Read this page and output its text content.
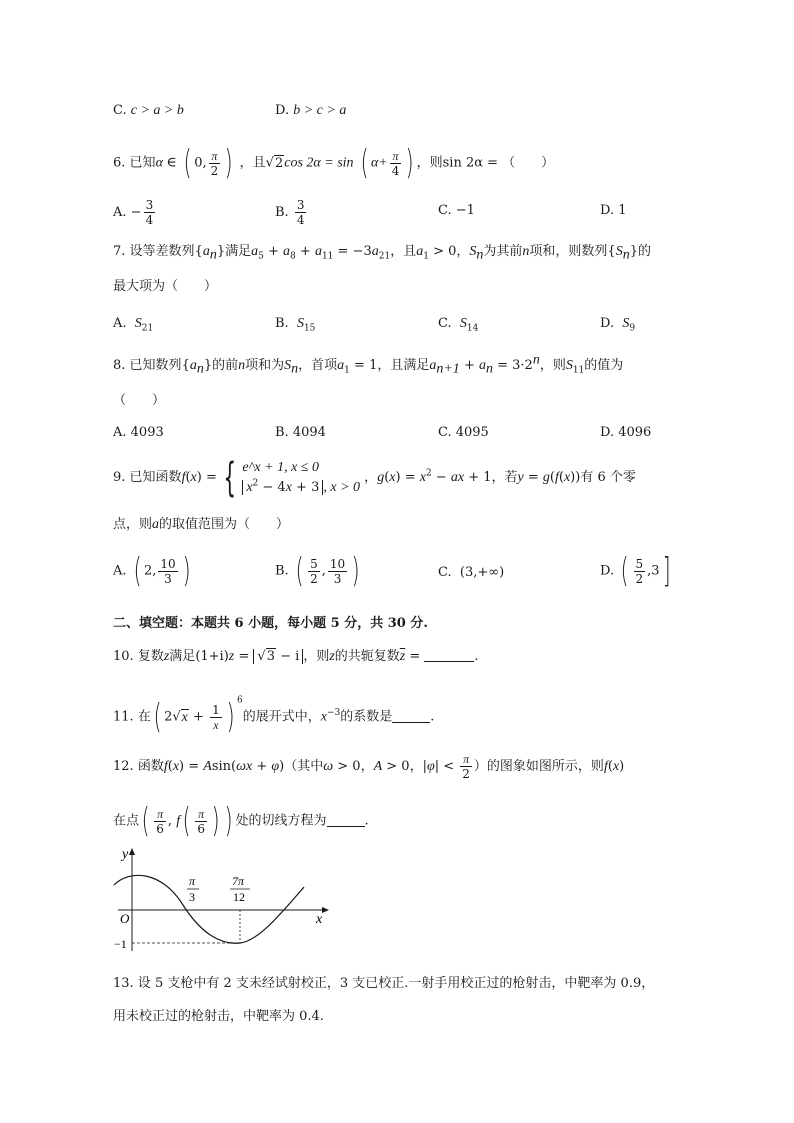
C. c > a > b	D. b > c > a
6. 已知α ∈ ( 0, $\frac{\pi}{2}$ ) ，且√2cos 2α = sin ( $\alpha+ \frac{\pi}{4}$ ) ，则sin 2α = （　　）
A. − $\frac{3}{4}$	B. $\frac{3}{4}$	C. −1	D. 1
7. 设等差数列$\{a_n\}$满足$a_5 + a_8 + a_{11} = -3a_{21}$，且$a_1 > 0$，$S_n$为其前n项和，则数列$\{S_n\}$的
最大项为（　　）
A. $S_{21}$	B. $S_{15}$	C. $S_{14}$	D. $S_9$
8. 已知数列$\{a_n\}$的前n项和为$S_n$，首项$a_1 = 1$，且满足$a_{n+1} + a_n = 3\cdot 2^n$，则$S_{11}$的值为
（　　）
A. 4093	B. 4094	C. 4095	D. 4096
9. 已知函数f(x) = { e^x + 1, x ≤ 0
$x^2 - 4x + 3$ , x > 0 ，$g(x) = x^2$ − ax + 1，若y = g(f(x))有 6 个零
点，则a的取值范围为（　　）
A. ( 2, $\frac{10}{3}$ )	B. ( $\frac{5}{2}$ , $\frac{10}{3}$ )	C. (3,+∞)	D. ( $\frac{5}{2} ,3$]
二、填空题：本题共 6 小题，每小题 5 分，共 30 分.
10. 复数z满足(1+i)z = √3 − i ，则z的共轭复数$\overline{z}$ =	.
11. 在( $2√x + \frac{1}{x}$ ) $^6$的展开式中，$x^{-3}$的系数是	.
12. 函数f(x) = Asin(ωx + φ)（其中ω > 0，A > 0，$|\varphi| < \frac{\pi}{2}$ ）的图象如图所示，则f(x)
在点( $\frac{\pi}{6}$ , $f( \frac{\pi}{6}$ ) ) 处的切线方程为	.
y
x
O
−1
π
3
7π
12
13. 设 5 支枪中有 2 支未经试射校正，3 支已校正.一射手用校正过的枪射击，中靶率为 0.9，
用未校正过的枪射击，中靶率为 0.4.
